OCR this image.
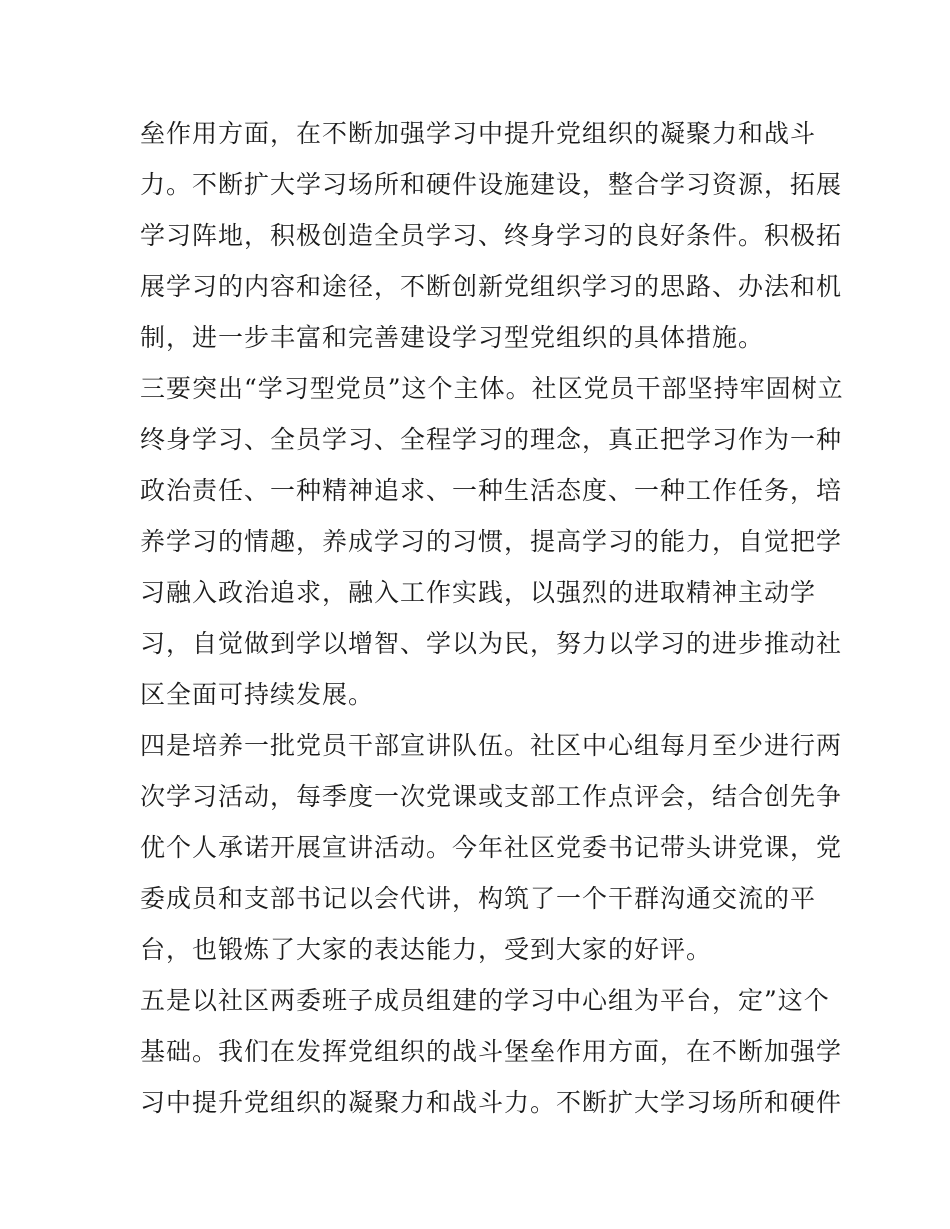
垒作用方面，在不断加强学习中提升党组织的凝聚力和战斗
力。不断扩大学习场所和硬件设施建设，整合学习资源，拓展
学习阵地，积极创造全员学习、终身学习的良好条件。积极拓
展学习的内容和途径，不断创新党组织学习的思路、办法和机
制，进一步丰富和完善建设学习型党组织的具体措施。
三要突出“学习型党员”这个主体。社区党员干部坚持牢固树立
终身学习、全员学习、全程学习的理念，真正把学习作为一种
政治责任、一种精神追求、一种生活态度、一种工作任务，培
养学习的情趣，养成学习的习惯，提高学习的能力，自觉把学
习融入政治追求，融入工作实践，以强烈的进取精神主动学
习，自觉做到学以增智、学以为民，努力以学习的进步推动社
区全面可持续发展。
四是培养一批党员干部宣讲队伍。社区中心组每月至少进行两
次学习活动，每季度一次党课或支部工作点评会，结合创先争
优个人承诺开展宣讲活动。今年社区党委书记带头讲党课，党
委成员和支部书记以会代讲，构筑了一个干群沟通交流的平
台，也锻炼了大家的表达能力，受到大家的好评。
五是以社区两委班子成员组建的学习中心组为平台，定”这个
基础。我们在发挥党组织的战斗堡垒作用方面，在不断加强学
习中提升党组织的凝聚力和战斗力。不断扩大学习场所和硬件
